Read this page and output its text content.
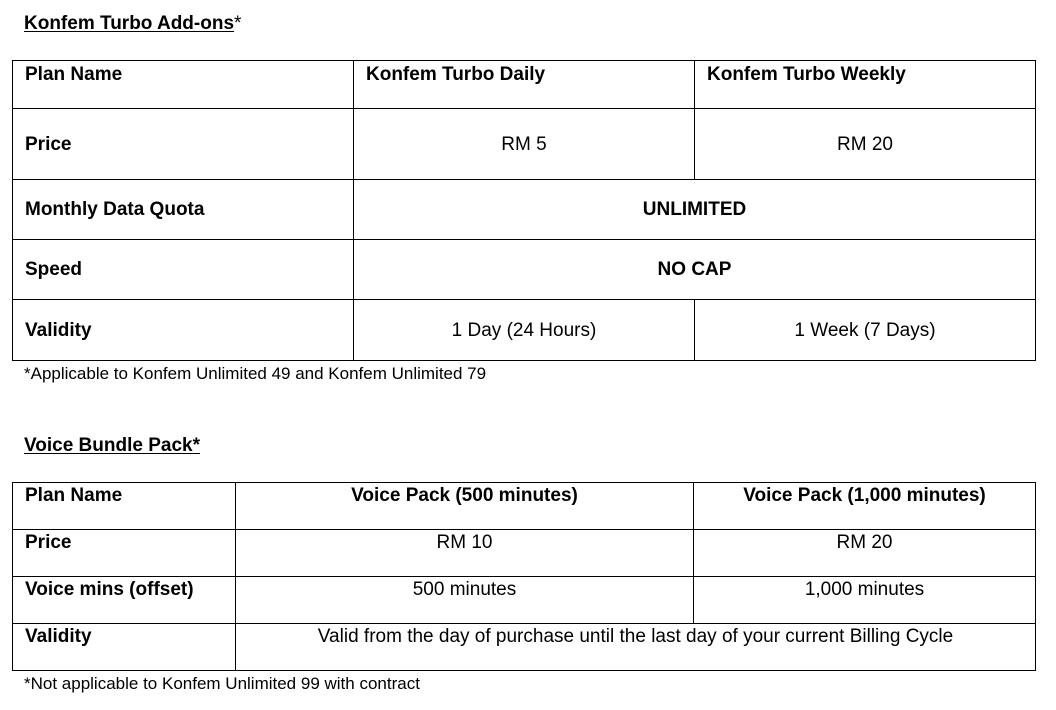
Konfem Turbo Add-ons*
Plan Name	Konfem Turbo Daily	Konfem Turbo Weekly
Price	RM 5	RM 20
Monthly Data Quota	UNLIMITED	
Speed	NO CAP	
Validity	1 Day (24 Hours)	1 Week (7 Days)
*Applicable to Konfem Unlimited 49 and Konfem Unlimited 79
Voice Bundle Pack*
Plan Name	Voice Pack (500 minutes)	Voice Pack (1,000 minutes)
Price	RM 10	RM 20
Voice mins (offset)	500 minutes	1,000 minutes
Validity	Valid from the day of purchase until the last day of your current Billing Cycle	
*Not applicable to Konfem Unlimited 99 with contract
